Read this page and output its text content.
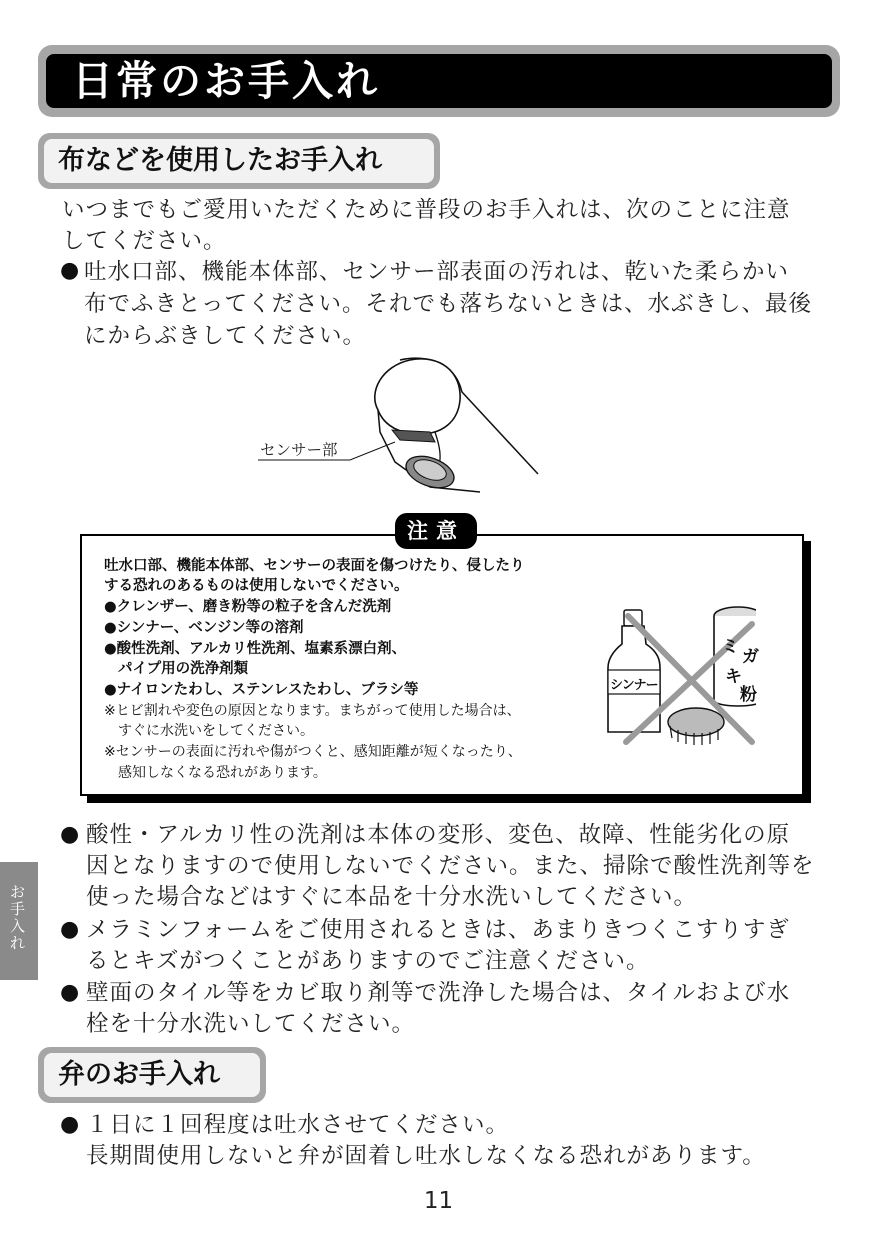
日常のお手入れ
布などを使用したお手入れ
いつまでもご愛用いただくために普段のお手入れは、次のことに注意
してください。
● 吐水口部、機能本体部、センサー部表面の汚れは、乾いた柔らかい
布でふきとってください。それでも落ちないときは、水ぶきし、最後
にからぶきしてください。
センサー部
注意
吐水口部、機能本体部、センサーの表面を傷つけたり、侵したり
する恐れのあるものは使用しないでください。
●クレンザー、磨き粉等の粒子を含んだ洗剤
●シンナー、ベンジン等の溶剤
●酸性洗剤、アルカリ性洗剤、塩素系漂白剤、
パイプ用の洗浄剤類
●ナイロンたわし、ステンレスたわし、ブラシ等
※ヒビ割れや変色の原因となります。まちがって使用した場合は、
すぐに水洗いをしてください。
※センサーの表面に汚れや傷がつくと、感知距離が短くなったり、
感知しなくなる恐れがあります。
シンナー
ミ ガ
キ
粉
● 酸性・アルカリ性の洗剤は本体の変形、変色、故障、性能劣化の原
因となりますので使用しないでください。また、掃除で酸性洗剤等を
使った場合などはすぐに本品を十分水洗いしてください。
● メラミンフォームをご使用されるときは、あまりきつくこすりすぎ
るとキズがつくことがありますのでご注意ください。
● 壁面のタイル等をカビ取り剤等で洗浄した場合は、タイルおよび水
栓を十分水洗いしてください。
お手入れ
弁のお手入れ
● １日に１回程度は吐水させてください。
長期間使用しないと弁が固着し吐水しなくなる恐れがあります。
11
